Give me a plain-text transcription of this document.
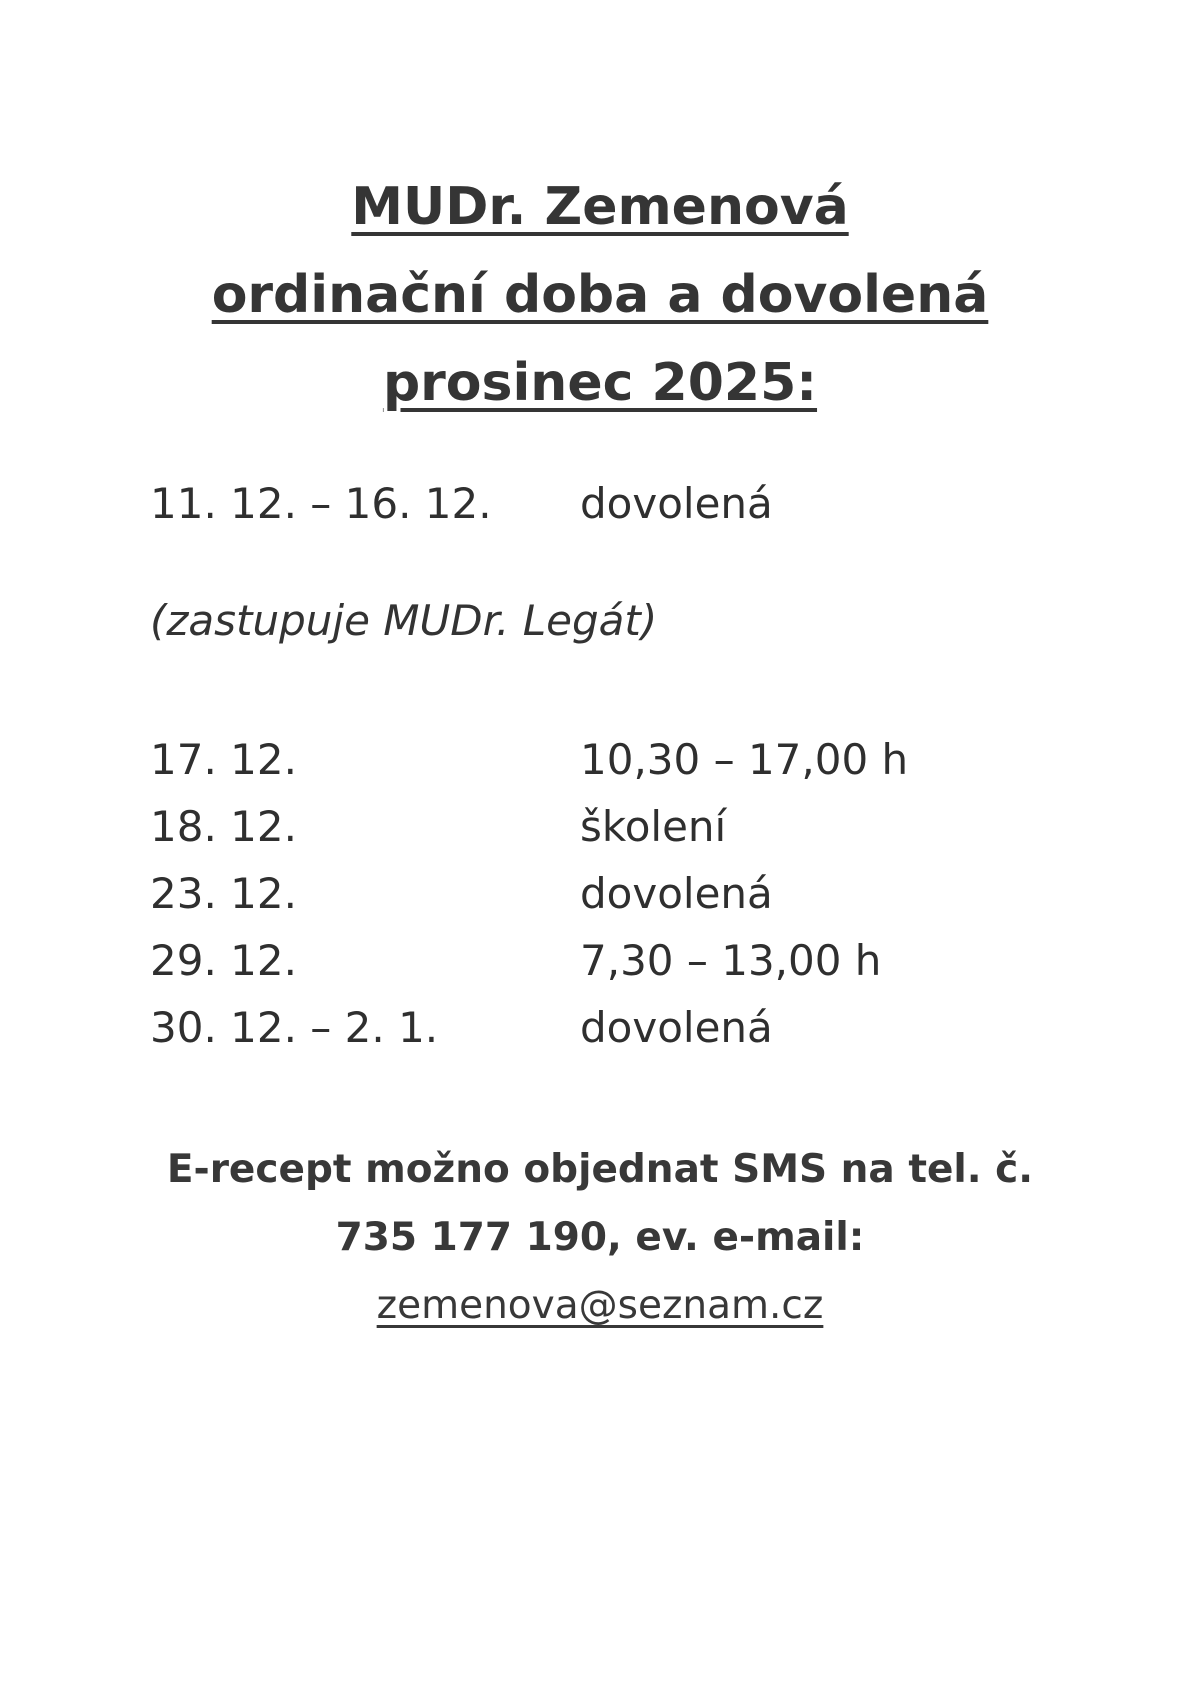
MUDr. Zemenová
ordinační doba a dovolená
prosinec 2025:
11. 12. – 16. 12. dovolená
(zastupuje MUDr. Legát)
17. 12.	10,30 – 17,00 h
18. 12.	školení
23. 12.	dovolená
29. 12.	7,30 – 13,00 h
30. 12. – 2. 1.	dovolená
E-recept možno objednat SMS na tel. č.
735 177 190, ev. e-mail:
zemenova@seznam.cz
